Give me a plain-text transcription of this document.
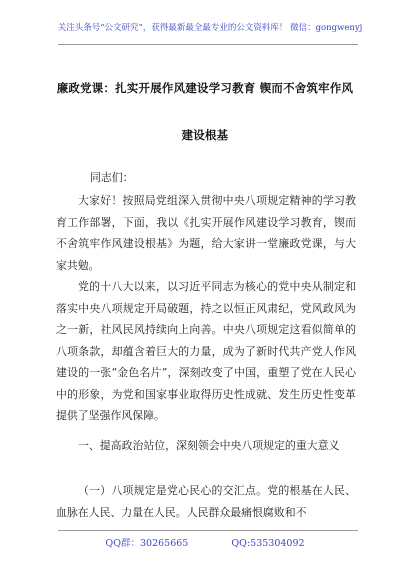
关注头条号“公文研究”，获得最新最全最专业的公文资料库！ 微信：gongwenyj
廉政党课：扎实开展作风建设学习教育 锲而不舍筑牢作风
建设根基

同志们：

大家好！按照局党组深入贯彻中央八项规定精神的学习教育工作部署，下面，我以《扎实开展作风建设学习教育，锲而不舍筑牢作风建设根基》为题，给大家讲一堂廉政党课，与大家共勉。

党的十八大以来，以习近平同志为核心的党中央从制定和落实中央八项规定开局破题，持之以恒正风肃纪，党风政风为之一新，社风民风持续向上向善。中央八项规定这看似简单的八项条款，却蕴含着巨大的力量，成为了新时代共产党人作风建设的一张“金色名片”，深刻改变了中国，重塑了党在人民心中的形象，为党和国家事业取得历史性成就、发生历史性变革提供了坚强作风保障。

一、提高政治站位，深刻领会中央八项规定的重大意义

（一）八项规定是党心民心的交汇点。党的根基在人民、血脉在人民、力量在人民。人民群众最痛恨腐败和不

QQ群：30265665	QQ:535304092
